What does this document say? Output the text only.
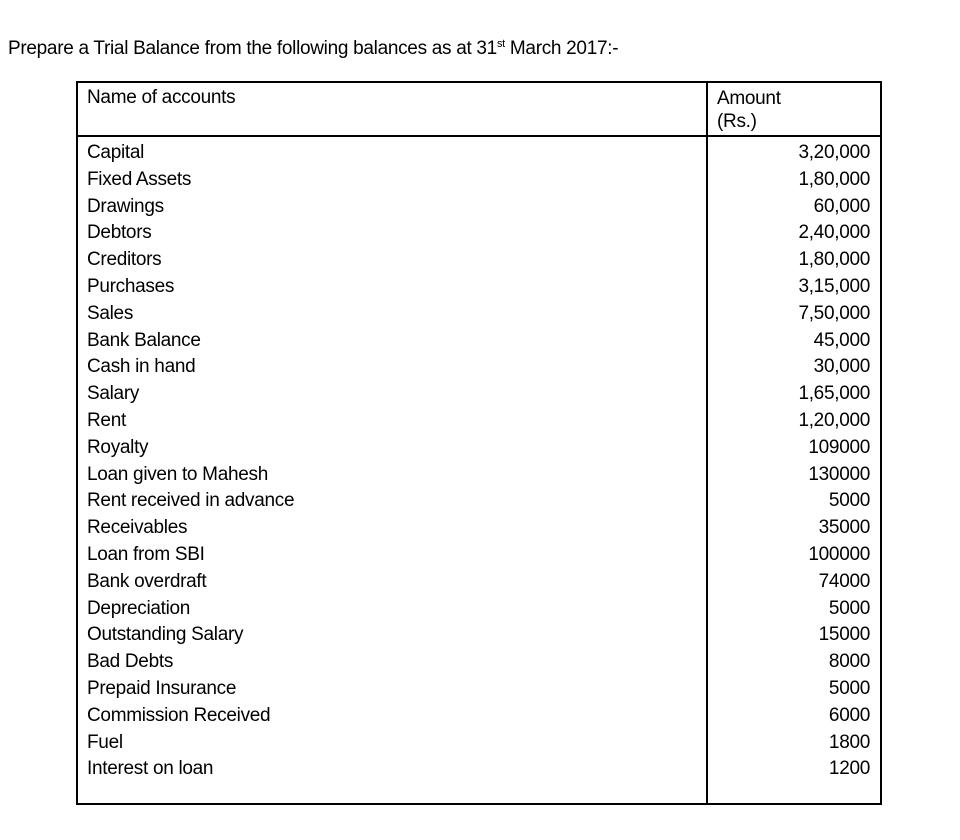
Prepare a Trial Balance from the following balances as at 31st March 2017:-
Name of accounts	Amount
(Rs.)
Capital	3,20,000
Fixed Assets	1,80,000
Drawings	60,000
Debtors	2,40,000
Creditors	1,80,000
Purchases	3,15,000
Sales	7,50,000
Bank Balance	45,000
Cash in hand	30,000
Salary	1,65,000
Rent	1,20,000
Royalty	109000
Loan given to Mahesh	130000
Rent received in advance	5000
Receivables	35000
Loan from SBI	100000
Bank overdraft	74000
Depreciation	5000
Outstanding Salary	15000
Bad Debts	8000
Prepaid Insurance	5000
Commission Received	6000
Fuel	1800
Interest on loan	1200
